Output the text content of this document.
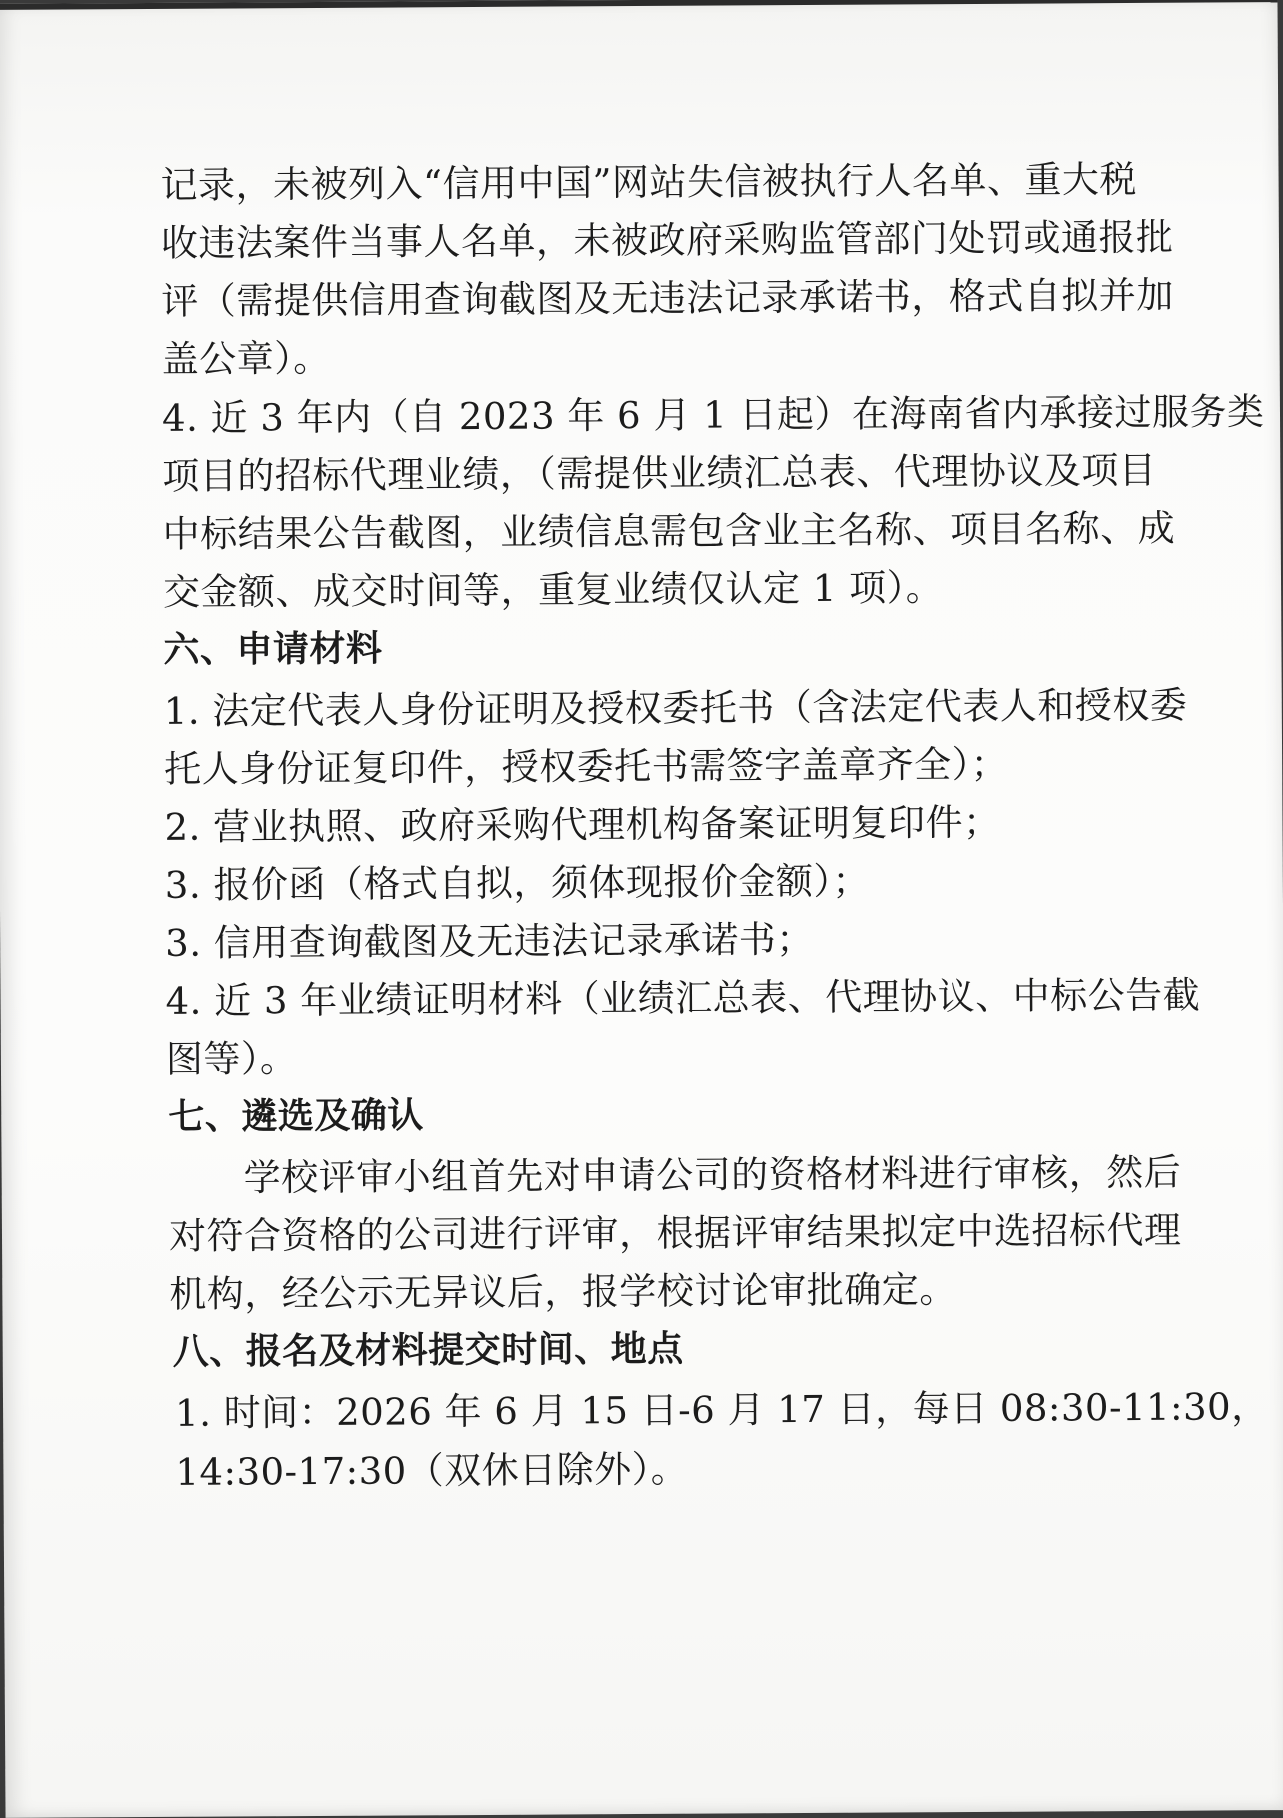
记录，未被列入“信用中国”网站失信被执行人名单、重大税
收违法案件当事人名单，未被政府采购监管部门处罚或通报批
评（需提供信用查询截图及无违法记录承诺书，格式自拟并加
盖公章）。
4. 近 3 年内（自 2023 年 6 月 1 日起）在海南省内承接过服务类
项目的招标代理业绩，（需提供业绩汇总表、代理协议及项目
中标结果公告截图，业绩信息需包含业主名称、项目名称、成
交金额、成交时间等，重复业绩仅认定 1 项）。
六、申请材料
1. 法定代表人身份证明及授权委托书（含法定代表人和授权委
托人身份证复印件，授权委托书需签字盖章齐全）；
2. 营业执照、政府采购代理机构备案证明复印件；
3. 报价函（格式自拟，须体现报价金额）；
3. 信用查询截图及无违法记录承诺书；
4. 近 3 年业绩证明材料（业绩汇总表、代理协议、中标公告截
图等）。
七、遴选及确认
学校评审小组首先对申请公司的资格材料进行审核，然后
对符合资格的公司进行评审，根据评审结果拟定中选招标代理
机构，经公示无异议后，报学校讨论审批确定。
八、报名及材料提交时间、地点
1. 时间：2026 年 6 月 15 日-6 月 17 日，每日 08:30-11:30，
14:30-17:30（双休日除外）。
